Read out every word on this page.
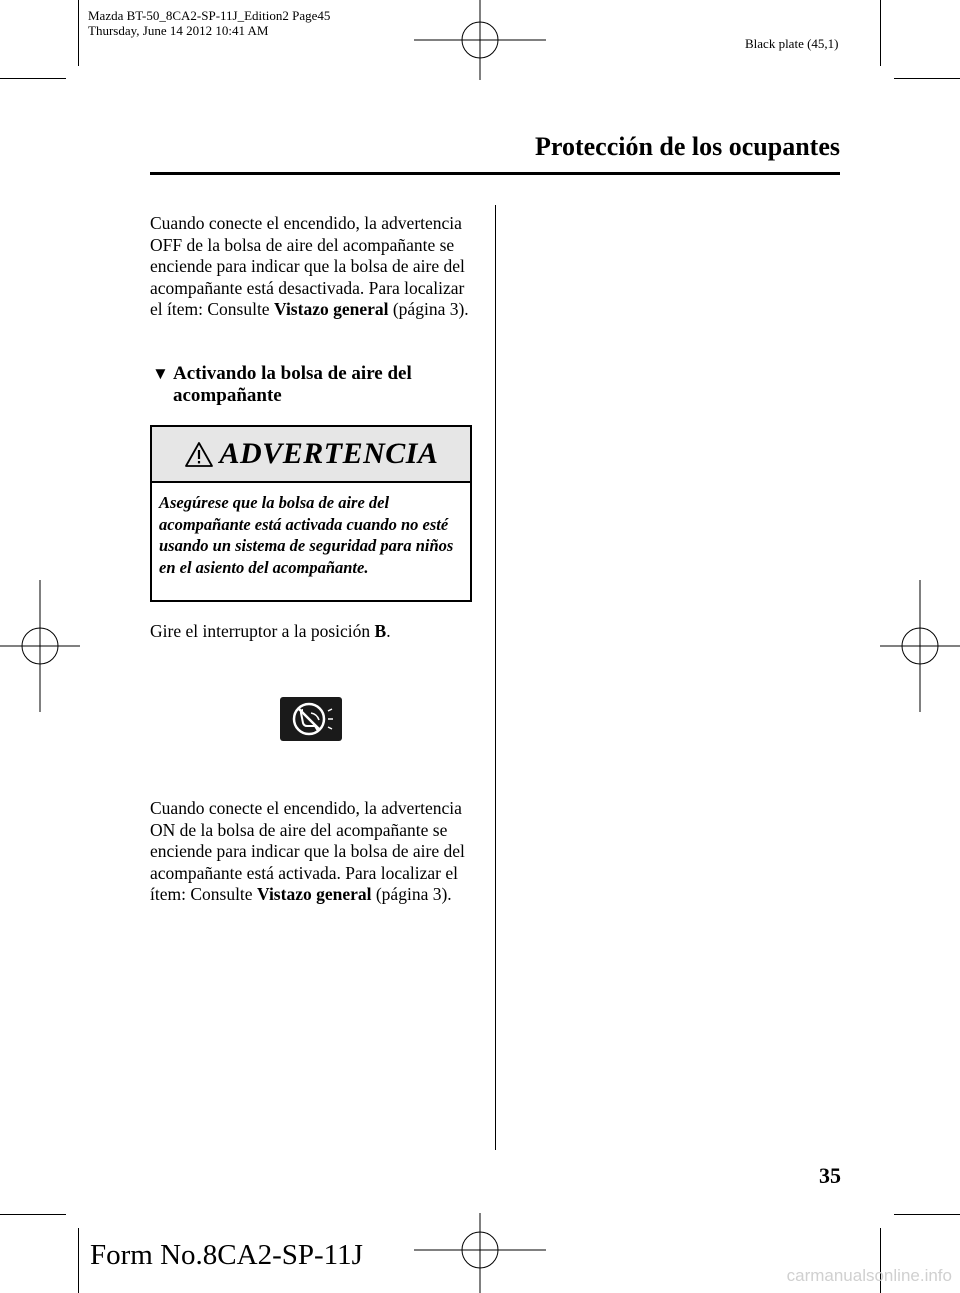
Mazda BT-50_8CA2-SP-11J_Edition2 Page45
Thursday, June 14 2012 10:41 AM
Black plate (45,1)
Protección de los ocupantes

Cuando conecte el encendido, la advertencia OFF de la bolsa de aire del acompañante se enciende para indicar que la bolsa de aire del acompañante está desactivada. Para localizar el ítem: Consulte Vistazo general (página 3).

▼ Activando la bolsa de aire del
acompañante
ADVERTENCIA
Asegúrese que la bolsa de aire del acompañante está activada cuando no esté usando un sistema de seguridad para niños en el asiento del acompañante.

Gire el interruptor a la posición B.

Cuando conecte el encendido, la advertencia ON de la bolsa de aire del acompañante se enciende para indicar que la bolsa de aire del acompañante está activada. Para localizar el ítem: Consulte Vistazo general (página 3).

35
Form No.8CA2-SP-11J
carmanualsonline.info
